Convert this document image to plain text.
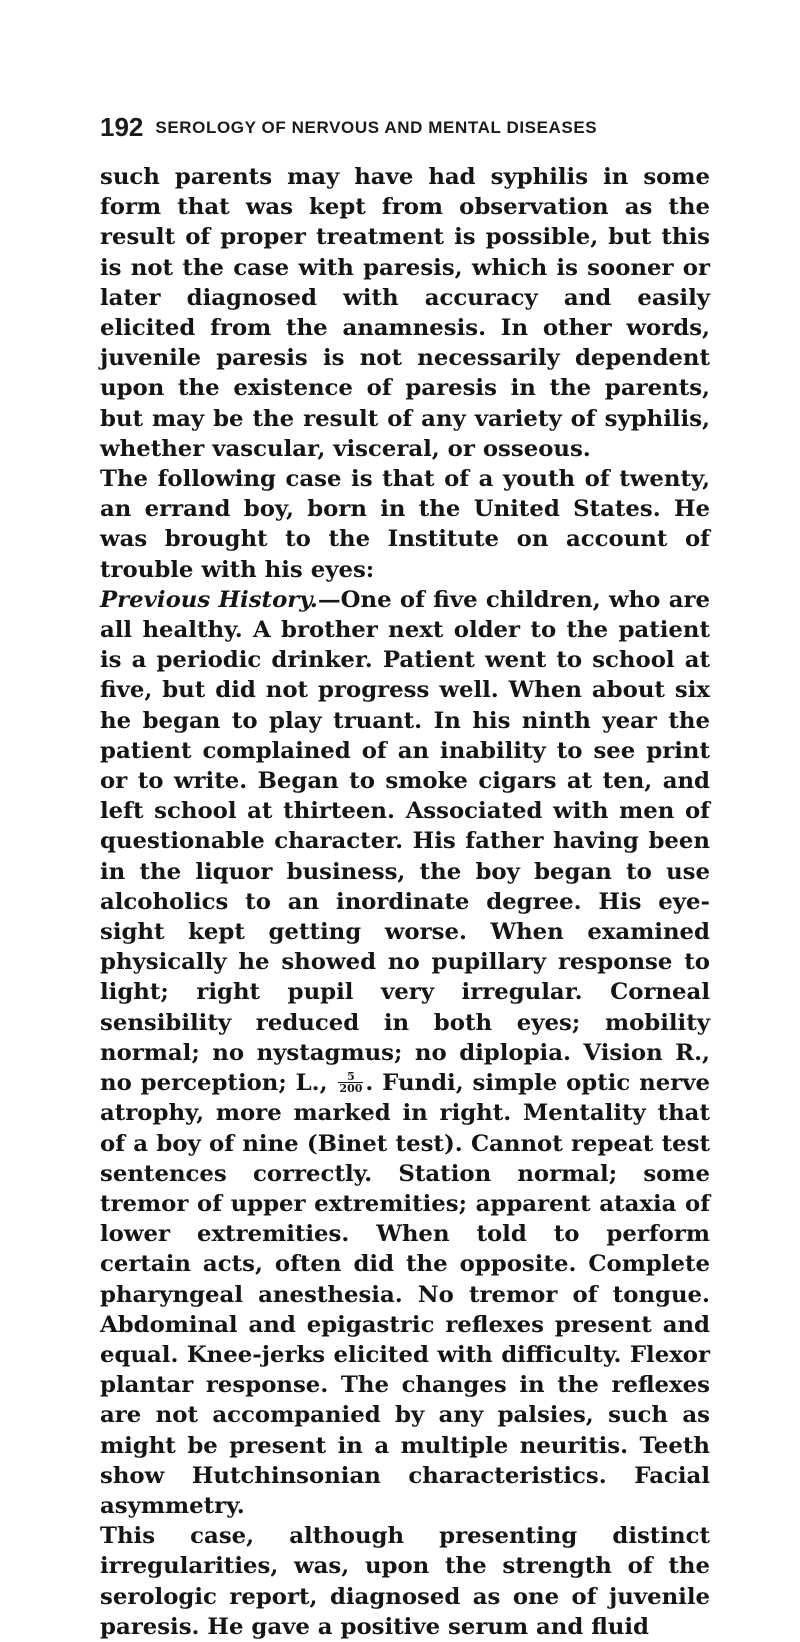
192 SEROLOGY OF NERVOUS AND MENTAL DISEASES

such parents may have had syphilis in some form that was kept from observation as the result of proper treatment is possible, but this is not the case with paresis, which is sooner or later diagnosed with accuracy and easily elicited from the anamnesis. In other words, juvenile paresis is not necessarily dependent upon the existence of paresis in the parents, but may be the result of any variety of syphilis, whether vascular, visceral, or osseous.

The following case is that of a youth of twenty, an errand boy, born in the United States. He was brought to the Institute on account of trouble with his eyes:

Previous History.—One of five children, who are all healthy. A brother next older to the patient is a periodic drinker. Patient went to school at five, but did not progress well. When about six he began to play truant. In his ninth year the patient complained of an inability to see print or to write. Began to smoke cigars at ten, and left school at thirteen. Associated with men of questionable character. His father having been in the liquor business, the boy began to use alcoholics to an inordinate degree. His eye-sight kept getting worse. When examined physically he showed no pupillary response to light; right pupil very irregular. Corneal sensibility reduced in both eyes; mobility normal; no nystagmus; no diplopia. Vision R., no perception; L., $\frac{5}{200}$ . Fundi, simple optic nerve atrophy, more marked in right. Mentality that of a boy of nine (Binet test). Cannot repeat test sentences correctly. Station normal; some tremor of upper extremities; apparent ataxia of lower extremities. When told to perform certain acts, often did the opposite. Complete pharyngeal anesthesia. No tremor of tongue. Abdominal and epigastric reflexes present and equal. Knee-jerks elicited with difficulty. Flexor plantar response. The changes in the reflexes are not accompanied by any palsies, such as might be present in a multiple neuritis. Teeth show Hutchinsonian characteristics. Facial asymmetry.

This case, although presenting distinct irregularities, was, upon the strength of the serologic report, diagnosed as one of juvenile paresis. He gave a positive serum and fluid
